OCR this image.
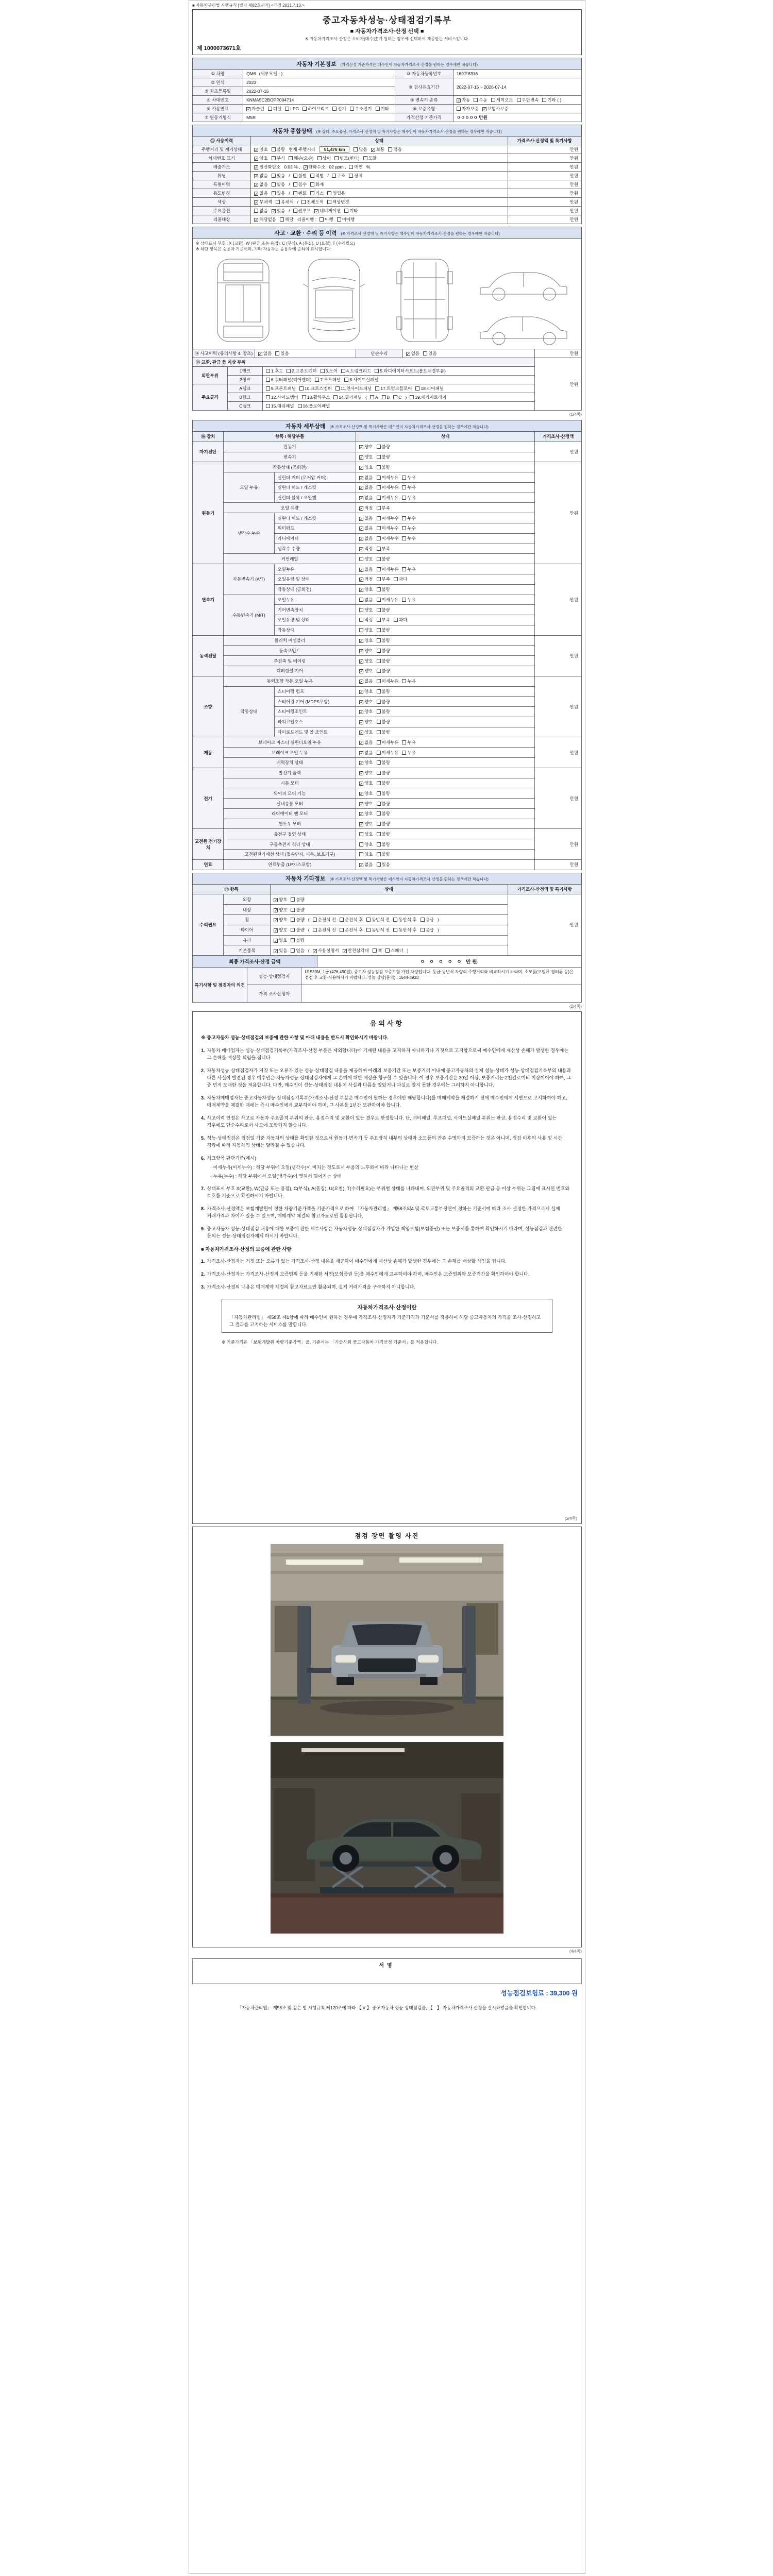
■ 자동차관리법 시행규칙 [별지 제82호서식] <개정 2021.7.13.>
중고자동차성능·상태점검기록부
■ 자동차가격조사·산정 선택 ■
※ 자동차가격조사·산정은 소비자(매수인)가 원하는 경우에 선택하여 제공받는 서비스입니다.
제 1000073671호
자동차 기본정보 (가격산정 기준가격은 매수인이 자동차가격조사·산정을 원하는 경우에만 적습니다)
① 차명	QM6 (세부모델 : )	⑩ 자동차등록번호	160호8316
② 연식	2023	⑨ 검사유효기간	2022-07-15 ~ 2026-07-14
③ 최초등록일	2022-07-15		
④ 차대번호	KNMA5C2BOPP004714	⑤ 변속기 종류	✓ 자동 수동 세미오토 무단변속 기타 ( )
⑥ 사용연료	✓ 가솔린 디젤 LPG 하이브리드 전기 수소전기 기타	⑧ 보증유형	자가보증 ✓ 보험사보증
⑦ 원동기형식	M5R	가격산정 기준가격	ㅇㅇㅇㅇㅇ 만원
자동차 종합상태 (※ 상태, 주요옵션, 가격조사·산정액 및 특기사항은 매수인이 자동차가격조사·산정을 원하는 경우에만 적습니다)
⑪ 사용이력	상태	가격조사·산정액 및 특기사항
주행거리 및 계기상태	✓ 양호 불량 현재 주행거리 51,476 km 많음 ✓ 보통 적음	만원
차대번호 표기	✓ 양호 부식 훼손(오손) 상이 변조(변타) 도말	만원
배출가스	✓ 일산화탄소 0.02 % , ✓ 탄화수소 02 ppm , 매연 %	만원
튜닝	✓ 없음 있음 / 불법 적법 / 구조 장치	만원
특별이력	✓ 없음 있음 / 침수 화재	만원
용도변경	✓ 없음 있음 / 렌트 리스 영업용	만원
색상	✓ 무채색 유채색 / 전체도색 색상변경	만원
주요옵션	없음 ✓ 있음 / 썬루프 ✓ 네비게이션 기타	만원
리콜대상	✓ 해당없음 해당 리콜이행 : 이행 미이행	만원
사고 · 교환 · 수리 등 이력 (※ 가격조사·산정액 및 특기사항은 매수인이 자동차가격조사·산정을 원하는 경우에만 적습니다)
※ 상태표시 부호 : X (교환), W (판금 또는 용접), C (부식), A (흠집), U (요철), T (수리필요)
※ 하단 항목은 승용차 기준이며, 기타 자동차는 승용차에 준하여 표시합니다.
⑭ 사고이력 (유의사항 4. 참조)	✓ 없음 있음	단순수리	✓ 없음 있음	만원
⑮ 교환, 판금 등 이상 부위			만원
외판부위	1랭크	1.후드 2.프론트펜더 3.도어 4.트렁크리드 5.라디에이터서포트(볼트체결부품)	
	2랭크	6.쿼터패널(리어펜더) 7.루프패널 8.사이드실패널	
주요골격	A랭크	9.프론트패널 10.크로스멤버 11.인사이드패널 17.트렁크플로어 18.리어패널	
	B랭크	12.사이드멤버 13.휠하우스 14.필러패널 ( A B C ) 19.패키지트레이	
	C랭크	15.대쉬패널 16.플로어패널	
(1/4쪽)
자동차 세부상태 (※ 가격조사·산정액 및 특기사항은 매수인이 자동차가격조사·산정을 원하는 경우에만 적습니다)
⑯ 장치	항목 / 해당부품		상태	가격조사·산정액
자기진단	원동기		✓ 양호 불량	만원
	변속기		✓ 양호 불량	
원동기	작동상태 (공회전)		✓ 양호 불량	만원
	오일 누유	실린더 커버 (로커암 커버)	✓ 없음 미세누유 누유	
		실린더 헤드 / 개스킷	✓ 없음 미세누유 누유	
		실린더 블록 / 오일팬	✓ 없음 미세누유 누유	
	오일 유량		✓ 적정 부족	
	냉각수 누수	실린더 헤드 / 개스킷	✓ 없음 미세누수 누수	
		워터펌프	✓ 없음 미세누수 누수	
		라디에이터	✓ 없음 미세누수 누수	
		냉각수 수량	✓ 적정 부족	
	커먼레일		양호 불량	
변속기	자동변속기 (A/T)	오일누유	✓ 없음 미세누유 누유	만원
		오일유량 및 상태	✓ 적정 부족 과다	
		작동상태 (공회전)	✓ 양호 불량	
	수동변속기 (M/T)	오일누유	없음 미세누유 누유	
		기어변속장치	양호 불량	
		오일유량 및 상태	적정 부족 과다	
		작동상태	양호 불량	
동력전달	클러치 어셈블리		✓ 양호 불량	만원
	등속조인트		✓ 양호 불량	
	추진축 및 베어링		✓ 양호 불량	
	디퍼렌셜 기어		✓ 양호 불량	
조향	동력조향 작동 오일 누유		✓ 없음 미세누유 누유	만원
	작동상태	스티어링 펌프	✓ 양호 불량	
		스티어링 기어 (MDPS포함)	✓ 양호 불량	
		스티어링조인트	✓ 양호 불량	
		파워고압호스	✓ 양호 불량	
		타이로드엔드 및 볼 조인트	✓ 양호 불량	
제동	브레이크 마스터 실린더오일 누유		✓ 없음 미세누유 누유	만원
	브레이크 오일 누유		✓ 없음 미세누유 누유	
	배력장치 상태		✓ 양호 불량	
전기	발전기 출력		✓ 양호 불량	만원
	시동 모터		✓ 양호 불량	
	와이퍼 모터 기능		✓ 양호 불량	
	실내송풍 모터		✓ 양호 불량	
	라디에이터 팬 모터		✓ 양호 불량	
	윈도우 모터		✓ 양호 불량	
고전원 전기장치	충전구 절연 상태		양호 불량	만원
	구동축전지 격리 상태		양호 불량	
	고전원전기배선 상태 (접속단자, 피복, 보호기구)		양호 불량	
연료	연료누출 (LP가스포함)		✓ 없음 있음	만원
자동차 기타정보 (※ 가격조사·산정액 및 특기사항은 매수인이 자동차가격조사·산정을 원하는 경우에만 적습니다)
⑰ 항목		상태	가격조사·산정액 및 특기사항
수리필요	외장	✓ 양호 불량	만원
	내장	✓ 양호 불량	
	휠	✓ 양호 불량 ( 운전석 전 운전석 후 동반석 전 동반석 후 응급 )	
	타이어	✓ 양호 불량 ( 운전석 전 운전석 후 동반석 전 동반석 후 응급 )	
	유리	✓ 양호 불량	
	기본품목	✓ 있음 없음 ( ✓ 사용설명서 ✓ 안전삼각대 잭 스패너 )	
최종 가격조사·산정 금액	ㅇ ㅇ ㅇ ㅇ ㅇ 만원
특기사항 및 점검자의 의견	성능·상태점검자	U1530M, 1급 (476,450원), 중고차 성능점검 보증보험 가입 차량입니다. 동급·동년식 차량의 주행거리와 비교하시기 바라며, 소모품(오일류·필터류 등)은 점검 후 교환·사용하시기 바랍니다. 성능 상담(문의) : 1644-3933
	가격·조사산정자	
(2/4쪽)
유의사항
※ 중고자동차 성능·상태점검의 보증에 관한 사항 및 아래 내용을 반드시 확인하시기 바랍니다.
1. 자동차 매매업자는 성능·상태점검기록부(가격조사·산정 부분은 제외합니다)에 기재된 내용을 고지하지 아니하거나 거짓으로 고지함으로써 매수인에게 재산상 손해가 발생한 경우에는 그 손해를 배상할 책임을 집니다.
2. 자동차성능·상태점검자가 거짓 또는 오류가 있는 성능·상태점검 내용을 제공하여 아래의 보증기간 또는 보증거리 이내에 중고자동차의 실제 성능·상태가 성능·상태점검기록부의 내용과 다른 사실이 발견된 경우 매수인은 자동차성능·상태점검자에게 그 손해에 대한 배상을 청구할 수 있습니다. 이 경우 보증기간은 30일 이상, 보증거리는 2천킬로미터 이상이어야 하며, 그 중 먼저 도래한 것을 적용합니다. 다만, 매수인이 성능·상태점검 내용이 사실과 다름을 알았거나 과실로 알지 못한 경우에는 그러하지 아니합니다.
3. 자동차매매업자는 중고자동차성능·상태점검기록부(가격조사·산정 부분은 매수인이 원하는 경우에만 해당합니다)를 매매계약을 체결하기 전에 매수인에게 서면으로 고지하여야 하고, 매매계약을 체결한 때에는 즉시 매수인에게 교부하여야 하며, 그 사본을 1년간 보관하여야 합니다.
4. 사고이력 인정은 사고로 자동차 주요골격 부위의 판금, 용접수리 및 교환이 있는 경우로 한정합니다. 단, 쿼터패널, 루프패널, 사이드실패널 부위는 판금, 용접수리 및 교환이 있는 경우에도 단순수리로서 사고에 포함되지 않습니다.
5. 성능·상태점검은 점검일 기준 자동차의 상태를 확인한 것으로서 원동기·변속기 등 주요장치 내부의 상태와 소모품의 잔존 수명까지 보증하는 것은 아니며, 점검 이후의 사용 및 시간 경과에 따라 자동차의 상태는 달라질 수 있습니다.
6. 체크항목 판단기준(예시)
· 미세누유(미세누수) : 해당 부위에 오일(냉각수)이 비치는 정도로서 부품의 노후화에 따라 나타나는 현상
· 누유(누수) : 해당 부위에서 오일(냉각수)이 맺혀서 떨어지는 상태
7. 상태표시 부호 X(교환), W(판금 또는 용접), C(부식), A(흠집), U(요철), T(수리필요)는 부위별 상태를 나타내며, 외판부위 및 주요골격의 교환·판금 등 이상 부위는 그림에 표시된 번호와 부호를 기준으로 확인하시기 바랍니다.
8. 가격조사·산정액은 보험개발원이 정한 차량기준가액을 기준가격으로 하여 「자동차관리법」 제58조의4 및 국토교통부장관이 정하는 기준서에 따라 조사·산정한 가격으로서 실제 거래가격과 차이가 있을 수 있으며, 매매계약 체결의 참고자료로만 활용됩니다.
9. 중고자동차 성능·상태점검 내용에 대한 보증에 관한 세부사항은 자동차성능·상태점검자가 가입한 책임보험(보험증권) 또는 보증서를 통하여 확인하시기 바라며, 성능점검과 관련한 문의는 성능·상태점검자에게 하시기 바랍니다.
■ 자동차가격조사·산정의 보증에 관한 사항
1. 가격조사·산정자는 거짓 또는 오류가 있는 가격조사·산정 내용을 제공하여 매수인에게 재산상 손해가 발생한 경우에는 그 손해를 배상할 책임을 집니다.
2. 가격조사·산정자는 가격조사·산정의 보증범위 등을 기재한 서면(보험증권 등)을 매수인에게 교부하여야 하며, 매수인은 보증범위와 보증기간을 확인하여야 합니다.
3. 가격조사·산정의 내용은 매매계약 체결의 참고자료로만 활용되며, 실제 거래가격을 구속하지 아니합니다.
자동차가격조사·산정이란

「자동차관리법」 제58조 제1항에 따라 매수인이 원하는 경우에 가격조사·산정자가 기준가격과 기준서를 적용하여 해당 중고자동차의 가격을 조사·산정하고 그 결과를 고지하는 서비스를 말합니다.

※ 기준가격은 「보험개발원 차량기준가액」을, 기준서는 「기술사회 중고자동차 가격산정 기준서」를 적용합니다.
(3/4쪽)
점검 장면 촬영 사진
(4/4쪽)
서명
성능점검보험료 : 39,300 원
「자동차관리법」 제58조 및 같은 법 시행규칙 제120조에 따라 【 V 】 중고자동차 성능·상태점검을, 【　】 자동차가격조사·산정을 실시하였음을 확인합니다.
